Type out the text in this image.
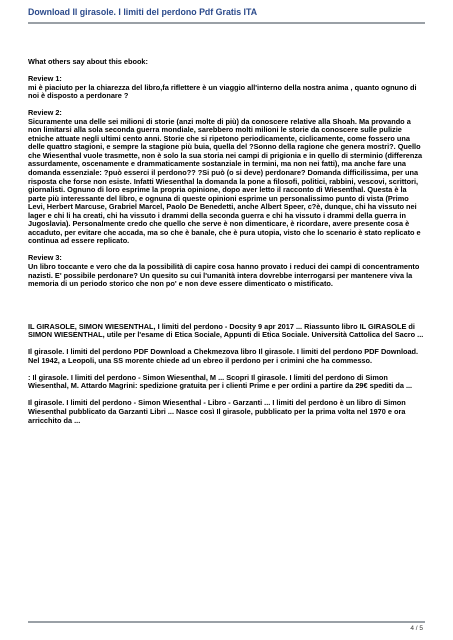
Download Il girasole. I limiti del perdono Pdf Gratis ITA

What others say about this ebook:

Review 1:

mi è piaciuto per la chiarezza del libro,fa riflettere è un viaggio all'interno della nostra anima , quanto ognuno di noi è disposto a perdonare ?

Review 2:

Sicuramente una delle sei milioni di storie (anzi molte di più) da conoscere relative alla Shoah. Ma provando a non limitarsi alla sola seconda guerra mondiale, sarebbero molti milioni le storie da conoscere sulle pulizie etniche attuate negli ultimi cento anni. Storie che si ripetono periodicamente, ciclicamente, come fossero una delle quattro stagioni, e sempre la stagione più buia, quella del ?Sonno della ragione che genera mostri?. Quello che Wiesenthal vuole trasmette, non è solo la sua storia nei campi di prigionia e in quello di sterminio (differenza assurdamente, oscenamente e drammaticamente sostanziale in termini, ma non nei fatti), ma anche fare una domanda essenziale: ?può esserci il perdono?? ?Si può (o si deve) perdonare? Domanda difficilissima, per una risposta che forse non esiste. Infatti Wiesenthal la domanda la pone a filosofi, politici, rabbini, vescovi, scrittori, giornalisti. Ognuno di loro esprime la propria opinione, dopo aver letto il racconto di Wiesenthal. Questa è la parte più interessante del libro, e ognuna di queste opinioni esprime un personalissimo punto di vista (Primo Levi, Herbert Marcuse, Grabriel Marcel, Paolo De Benedetti, anche Albert Speer, c?è, dunque, chi ha vissuto nei lager e chi li ha creati, chi ha vissuto i drammi della seconda guerra e chi ha vissuto i drammi della guerra in Jugoslavia). Personalmente credo che quello che serve è non dimenticare, è ricordare, avere presente cosa è accaduto, per evitare che accada, ma so che è banale, che è pura utopia, visto che lo scenario è stato replicato e continua ad essere replicato.

Review 3:

Un libro toccante e vero che da la possibilità di capire cosa hanno provato i reduci dei campi di concentramento nazisti. E' possibile perdonare? Un quesito su cui l'umanità intera dovrebbe interrogarsi per mantenere viva la memoria di un periodo storico che non po' e non deve essere dimenticato o mistificato.

IL GIRASOLE, SIMON WIESENTHAL, I limiti del perdono - Docsity 9 apr 2017 ... Riassunto libro IL GIRASOLE di SIMON WIESENTHAL, utile per l'esame di Etica Sociale, Appunti di Etica Sociale. Università Cattolica del Sacro ...

Il girasole. I limiti del perdono PDF Download a Chekmezova libro Il girasole. I limiti del perdono PDF Download. Nel 1942, a Leopoli, una SS morente chiede ad un ebreo il perdono per i crimini che ha commesso.

: Il girasole. I limiti del perdono - Simon Wiesenthal, M ... Scopri Il girasole. I limiti del perdono di Simon Wiesenthal, M. Attardo Magrini: spedizione gratuita per i clienti Prime e per ordini a partire da 29€ spediti da ...

Il girasole. I limiti del perdono - Simon Wiesenthal - Libro - Garzanti ... I limiti del perdono è un libro di Simon Wiesenthal pubblicato da Garzanti Libri ... Nasce così Il girasole, pubblicato per la prima volta nel 1970 e ora arricchito da ...

4 / 5
